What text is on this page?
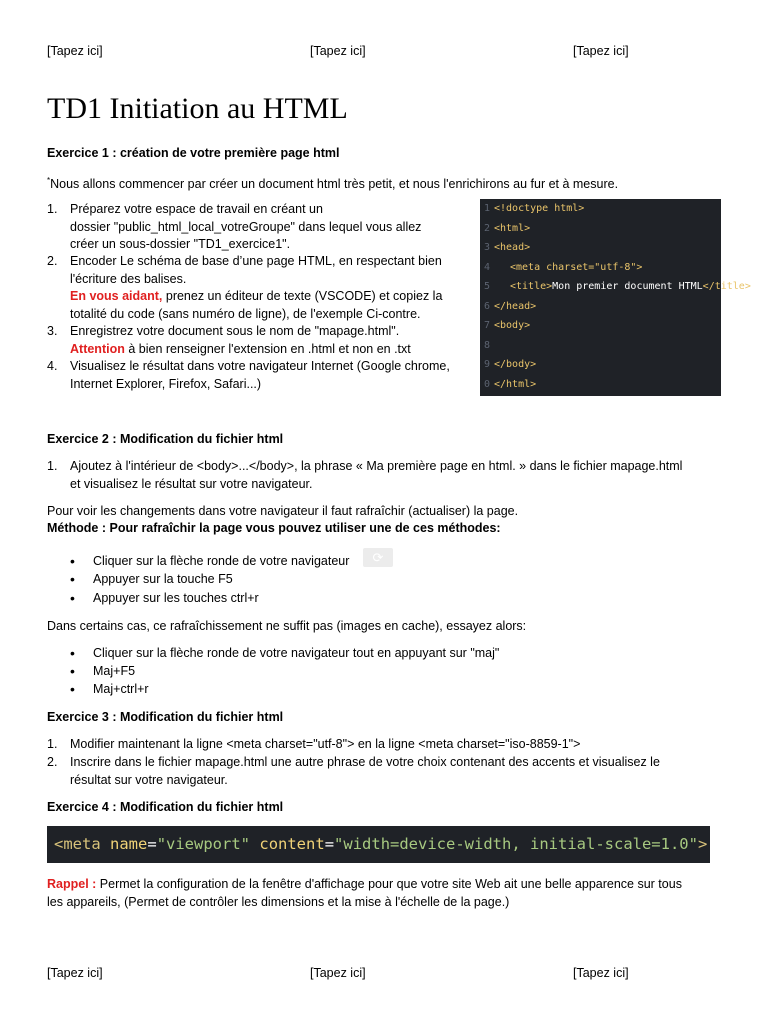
[Tapez ici]	[Tapez ici]	[Tapez ici]
TD1 Initiation au HTML
Exercice 1 : création de votre première page html
*Nous allons commencer par créer un document html très petit, et nous l'enrichirons au fur et à mesure.
1. Préparez votre espace de travail en créant un
dossier "public_html_local_votreGroupe" dans lequel vous allez
créer un sous-dossier "TD1_exercice1".
2. Encoder Le schéma de base d’une page HTML, en respectant bien
l'écriture des balises.
En vous aidant, prenez un éditeur de texte (VSCODE) et copiez la
totalité du code (sans numéro de ligne), de l'exemple Ci-contre.
3. Enregistrez votre document sous le nom de "mapage.html".
Attention à bien renseigner l'extension en .html et non en .txt
4. Visualisez le résultat dans votre navigateur Internet (Google chrome,
Internet Explorer, Firefox, Safari...)
1 <!doctype html>
2 <html>
3 <head>
4 <meta charset="utf-8">
5 <title>Mon premier document HTML</title>
6 </head>
7 <body>
8
9 </body>
0 </html>
Exercice 2 : Modification du fichier html
1. Ajoutez à l'intérieur de <body>...</body>, la phrase « Ma première page en html. » dans le fichier mapage.html
et visualisez le résultat sur votre navigateur.
Pour voir les changements dans votre navigateur il faut rafraîchir (actualiser) la page.
Méthode : Pour rafraîchir la page vous pouvez utiliser une de ces méthodes:
• Cliquer sur la flèche ronde de votre navigateur	⟳
• Appuyer sur la touche F5
• Appuyer sur les touches ctrl+r
Dans certains cas, ce rafraîchissement ne suffit pas (images en cache), essayez alors:
• Cliquer sur la flèche ronde de votre navigateur tout en appuyant sur "maj"
• Maj+F5
• Maj+ctrl+r
Exercice 3 : Modification du fichier html
1. Modifier maintenant la ligne <meta charset="utf-8"> en la ligne <meta charset="iso-8859-1">
2. Inscrire dans le fichier mapage.html une autre phrase de votre choix contenant des accents et visualisez le
résultat sur votre navigateur.
Exercice 4 : Modification du fichier html
<meta name="viewport" content="width=device-width, initial-scale=1.0">
Rappel : Permet la configuration de la fenêtre d'affichage pour que votre site Web ait une belle apparence sur tous
les appareils, (Permet de contrôler les dimensions et la mise à l'échelle de la page.)
[Tapez ici]	[Tapez ici]	[Tapez ici]
